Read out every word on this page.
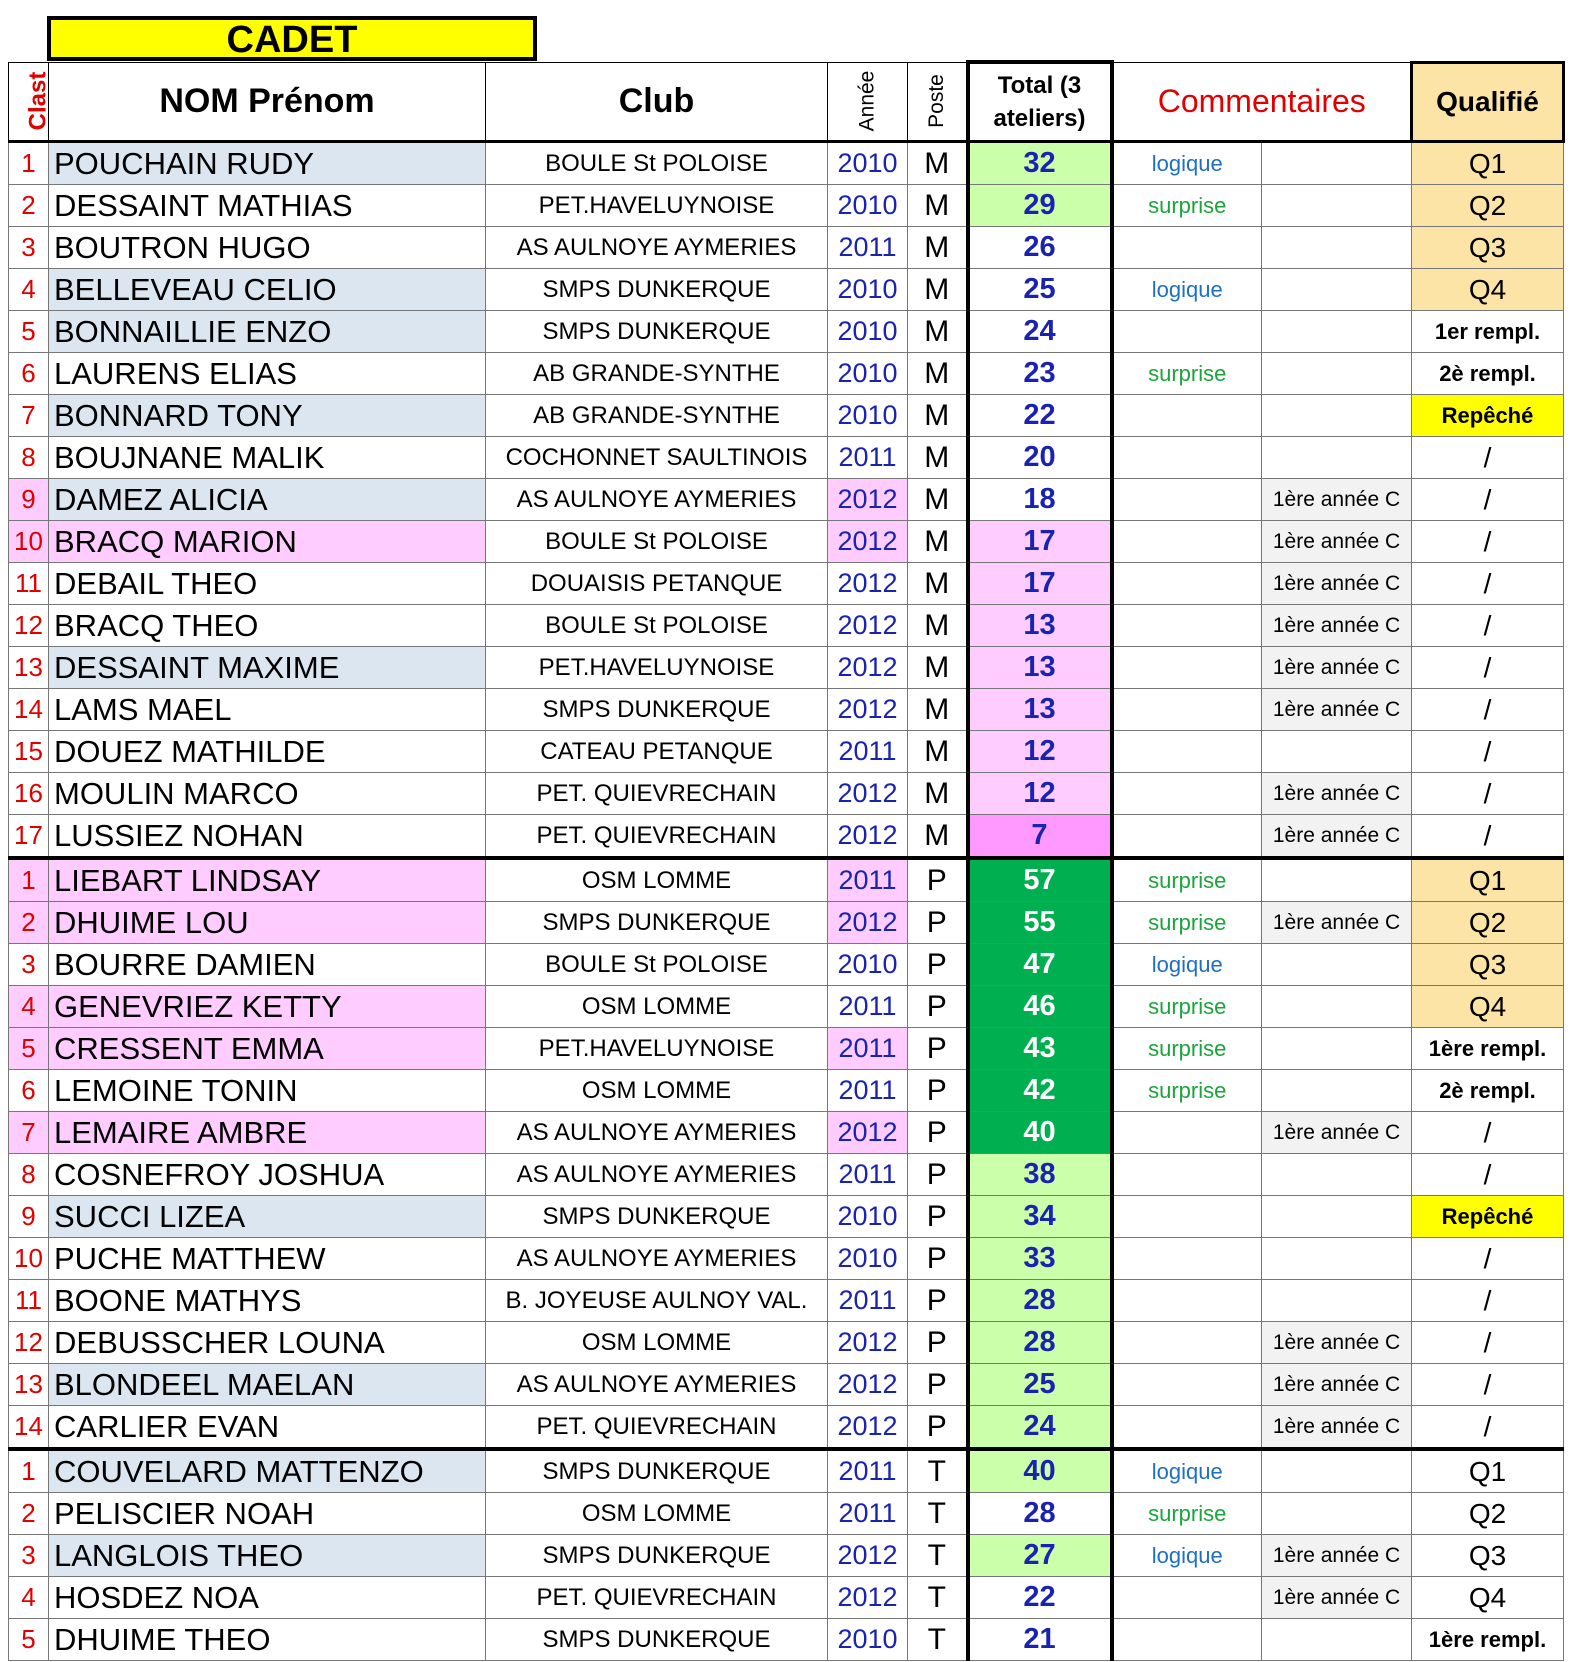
CADET
Clast	NOM Prénom	Club	Année	Poste	Total (3 ateliers)	Commentaires		Qualifié
1	POUCHAIN RUDY	BOULE St POLOISE	2010	M	32	logique		Q1
2	DESSAINT MATHIAS	PET.HAVELUYNOISE	2010	M	29	surprise		Q2
3	BOUTRON HUGO	AS AULNOYE AYMERIES	2011	M	26			Q3
4	BELLEVEAU CELIO	SMPS DUNKERQUE	2010	M	25	logique		Q4
5	BONNAILLIE ENZO	SMPS DUNKERQUE	2010	M	24			1er rempl.
6	LAURENS ELIAS	AB GRANDE-SYNTHE	2010	M	23	surprise		2è rempl.
7	BONNARD TONY	AB GRANDE-SYNTHE	2010	M	22			Repêché
8	BOUJNANE MALIK	COCHONNET SAULTINOIS	2011	M	20			/
9	DAMEZ ALICIA	AS AULNOYE AYMERIES	2012	M	18		1ère année C	/
10	BRACQ MARION	BOULE St POLOISE	2012	M	17		1ère année C	/
11	DEBAIL THEO	DOUAISIS PETANQUE	2012	M	17		1ère année C	/
12	BRACQ THEO	BOULE St POLOISE	2012	M	13		1ère année C	/
13	DESSAINT MAXIME	PET.HAVELUYNOISE	2012	M	13		1ère année C	/
14	LAMS MAEL	SMPS DUNKERQUE	2012	M	13		1ère année C	/
15	DOUEZ MATHILDE	CATEAU PETANQUE	2011	M	12			/
16	MOULIN MARCO	PET. QUIEVRECHAIN	2012	M	12		1ère année C	/
17	LUSSIEZ NOHAN	PET. QUIEVRECHAIN	2012	M	7		1ère année C	/
1	LIEBART LINDSAY	OSM LOMME	2011	P	57	surprise		Q1
2	DHUIME LOU	SMPS DUNKERQUE	2012	P	55	surprise	1ère année C	Q2
3	BOURRE DAMIEN	BOULE St POLOISE	2010	P	47	logique		Q3
4	GENEVRIEZ KETTY	OSM LOMME	2011	P	46	surprise		Q4
5	CRESSENT EMMA	PET.HAVELUYNOISE	2011	P	43	surprise		1ère rempl.
6	LEMOINE TONIN	OSM LOMME	2011	P	42	surprise		2è rempl.
7	LEMAIRE AMBRE	AS AULNOYE AYMERIES	2012	P	40		1ère année C	/
8	COSNEFROY JOSHUA	AS AULNOYE AYMERIES	2011	P	38			/
9	SUCCI LIZEA	SMPS DUNKERQUE	2010	P	34			Repêché
10	PUCHE MATTHEW	AS AULNOYE AYMERIES	2010	P	33			/
11	BOONE MATHYS	B. JOYEUSE AULNOY VAL.	2011	P	28			/
12	DEBUSSCHER LOUNA	OSM LOMME	2012	P	28		1ère année C	/
13	BLONDEEL MAELAN	AS AULNOYE AYMERIES	2012	P	25		1ère année C	/
14	CARLIER EVAN	PET. QUIEVRECHAIN	2012	P	24		1ère année C	/
1	COUVELARD MATTENZO	SMPS DUNKERQUE	2011	T	40	logique		Q1
2	PELISCIER NOAH	OSM LOMME	2011	T	28	surprise		Q2
3	LANGLOIS THEO	SMPS DUNKERQUE	2012	T	27	logique	1ère année C	Q3
4	HOSDEZ NOA	PET. QUIEVRECHAIN	2012	T	22		1ère année C	Q4
5	DHUIME THEO	SMPS DUNKERQUE	2010	T	21			1ère rempl.
